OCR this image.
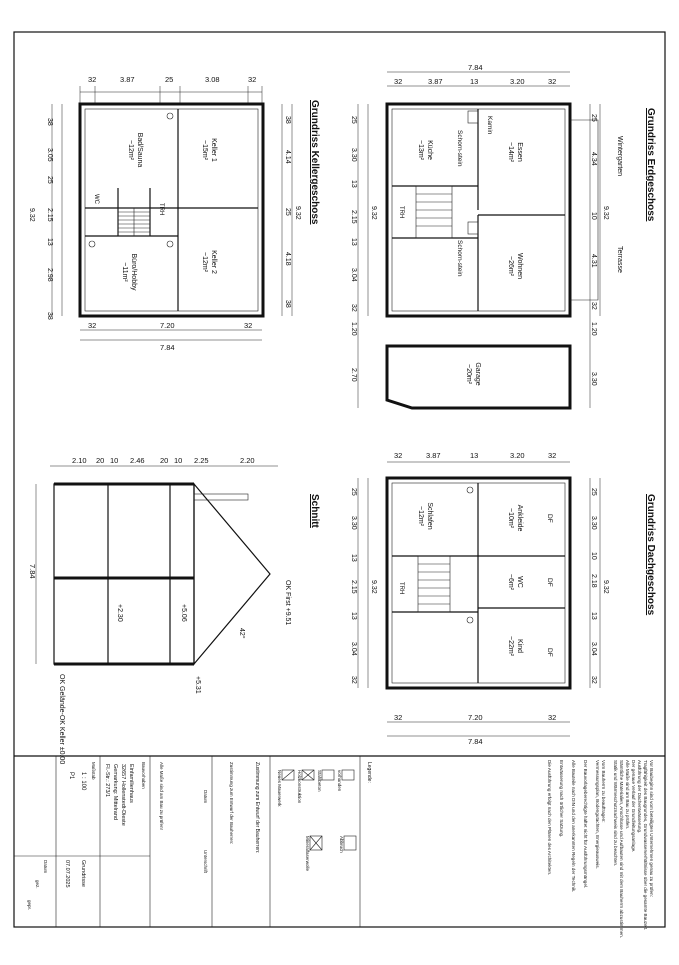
32	3.87	25	3.08	32
Bad/Sauna
~12m²	Keller 1
~15m²
Büro/Hobby
~11m²	Keller 2
~12m²
WC
TRH
38
3.05
25
2.15
13
2.98
38
9.32
38
4.14
25
4.18
38
9.32
32	7.20	32
7.84
Grundriss Kellergeschoss
7.84
32	3.87	13	3.20	32
Küche
~13m²	Essen
~14m²
Wohnen
~26m²
Wintergarten
Terrasse
Schorn-stein
Schorn-stein
Kamin
TRH
25
3.30
13
2.15
13
3.04
32
9.32
25
4.34
10
4.31
32
9.32
Garage
~20m²
1.20
2.70
1.20
3.30
Grundriss Erdgeschoss
32	3.87	13	3.20	32
Schlafen
~12m²	Ankleide
~10m²
WC
~6m²
Kind
~22m²
DF
DF
DF
TRH
25
3.30
13
2.15
13
3.04
32
9.32
25
3.30
10
2.18
13
3.04
32
9.32
32	7.20	32
7.84
Grundriss Dachgeschoss
2.10 20 10 2.46 20 10 2.25	2.20
7.84
OK First +9.51
+5.06
+2.30
+5.31
OK Gelände-OK Keller ±0.00
42°
Schnitt
Vor Baubeginn sind vom beteiligten Unternehmen genau zu prüfen:
Tragfähigkeit des Baugrundes, Grundwasserverhältnisse über die gesamte Bauzeit.
Ausführung der Dachentwässerung.
Der genaue Verlauf der Grundleitungsanlage.
Alle Maße sind am Bau zu prüfen.
Sämtliche Materialien, Anschlüsse und Aufbauten sind mit dem Bauherrn abzustimmen.
Statik und Wärmeschutznachweis sind zu beachten.
Vom Bauherrn zu beauftragen:
Vermessungsplan, Bodengutachten, Energieausweis.
Der Bauvorlageberechtigte haftet nicht für Ausführungsmängel.
Alle Bauteile nach DIN und den anerkannten Regeln der Technik.
Entwässerung nach örtlicher Satzung.
Die Ausführung erfolgt nach den Plänen des Architekten.
Legende:
vorhanden
Abbruch
Stahlbeton
Holzkonstruktion
Mineralfaserwolle
Neues Mauerwerk
Zustimmung zum Entwurf der Bauherren:
Zustimmung zum Entwurf der Bauherren:
Datum
Unterschrift
Alle Maße sind am Bau zu prüfen!
Bauvorhaben
Einfamilienhaus
32657 Hollenstedt-Dieste
Gemarkung: Mittelrand
Fl.-Str.: 273/1
Maßstab
1 : 100
P1
Grundrisse
07.07.2025
Datum
gez.
gepr.
